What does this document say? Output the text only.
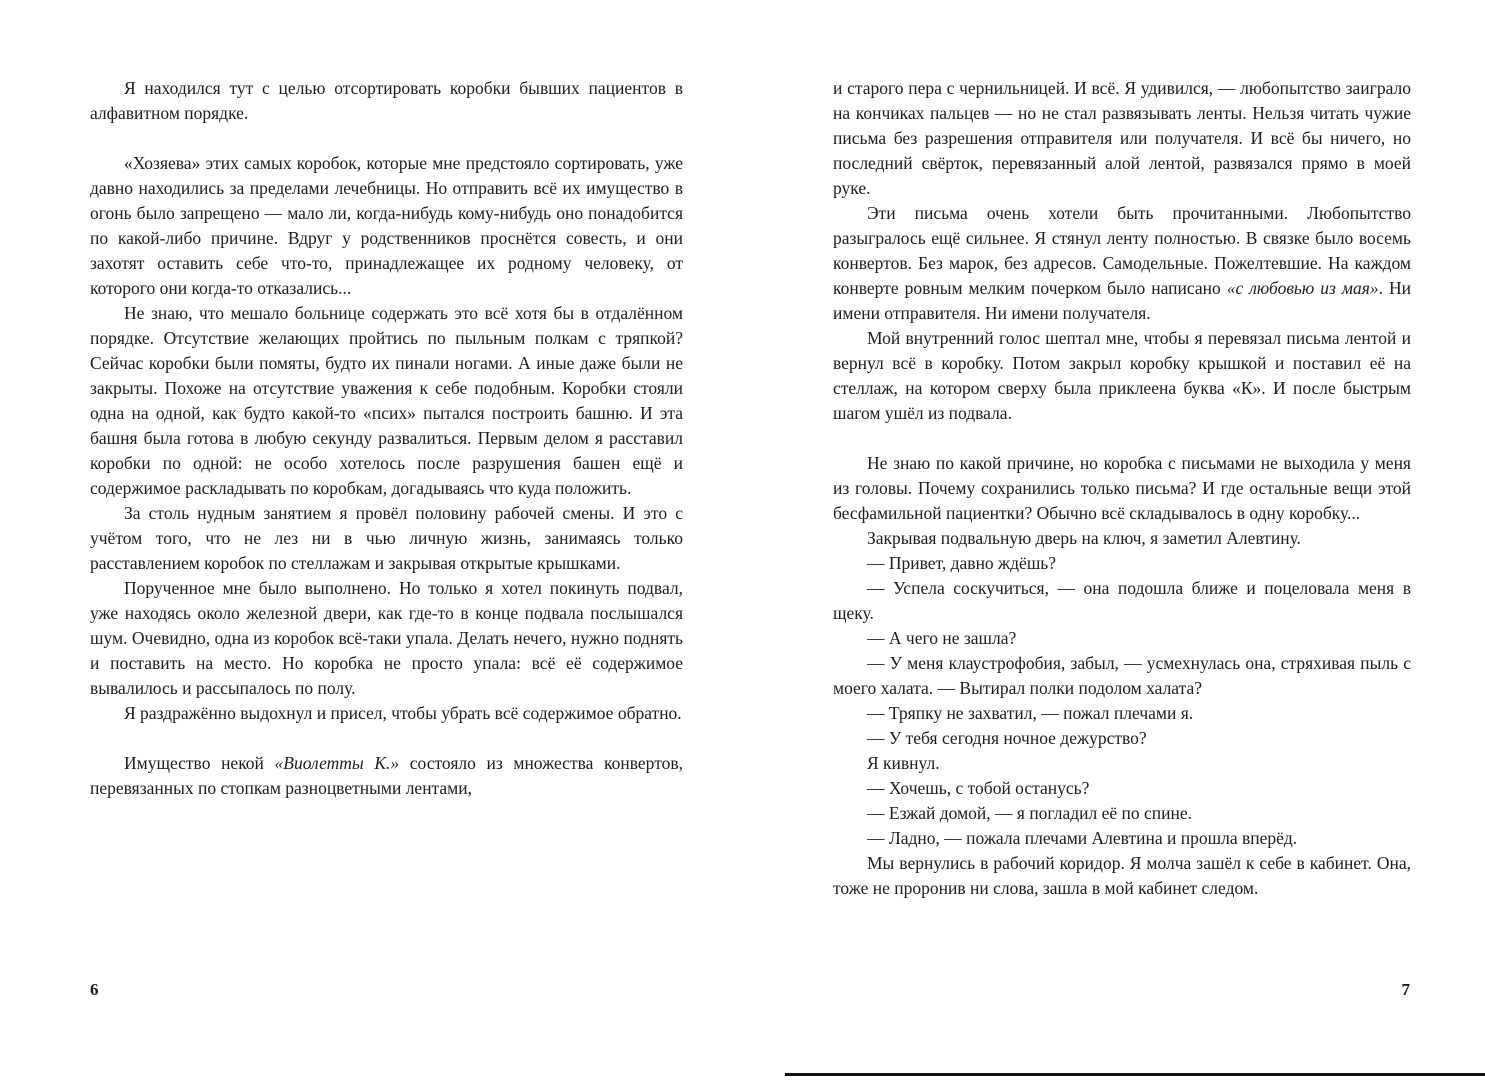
Я находился тут с целью отсортировать коробки бывших пациентов в алфавитном порядке.

«Хозяева» этих самых коробок, которые мне предстояло сортировать, уже давно находились за пределами лечебницы. Но отправить всё их имущество в огонь было запрещено — мало ли, когда-нибудь кому-нибудь оно понадобится по какой-либо причине. Вдруг у родственников проснётся совесть, и они захотят оставить себе что-то, принадлежащее их родному человеку, от которого они когда-то отказались...

Не знаю, что мешало больнице содержать это всё хотя бы в отдалённом порядке. Отсутствие желающих пройтись по пыльным полкам с тряпкой? Сейчас коробки были помяты, будто их пинали ногами. А иные даже были не закрыты. Похоже на отсутствие уважения к себе подобным. Коробки стояли одна на одной, как будто какой-то «псих» пытался построить башню. И эта башня была готова в любую секунду развалиться. Первым делом я расставил коробки по одной: не особо хотелось после разрушения башен ещё и содержимое раскладывать по коробкам, догадываясь что куда положить.

За столь нудным занятием я провёл половину рабочей смены. И это с учётом того, что не лез ни в чью личную жизнь, занимаясь только расставлением коробок по стеллажам и закрывая открытые крышками.

Порученное мне было выполнено. Но только я хотел покинуть подвал, уже находясь около железной двери, как где-то в конце подвала послышался шум. Очевидно, одна из коробок всё-таки упала. Делать нечего, нужно поднять и поставить на место. Но коробка не просто упала: всё её содержимое вывалилось и рассыпалось по полу.

Я раздражённо выдохнул и присел, чтобы убрать всё содержимое обратно.

Имущество некой «Виолетты К.» состояло из множества конвертов, перевязанных по стопкам разноцветными лентами,

6

и старого пера с чернильницей. И всё. Я удивился, — любопытство заиграло на кончиках пальцев — но не стал развязывать ленты. Нельзя читать чужие письма без разрешения отправителя или получателя. И всё бы ничего, но последний свёрток, перевязанный алой лентой, развязался прямо в моей руке.

Эти письма очень хотели быть прочитанными. Любопытство разыгралось ещё сильнее. Я стянул ленту полностью. В связке было восемь конвертов. Без марок, без адресов. Самодельные. Пожелтевшие. На каждом конверте ровным мелким почерком было написано «с любовью из мая». Ни имени отправителя. Ни имени получателя.

Мой внутренний голос шептал мне, чтобы я перевязал письма лентой и вернул всё в коробку. Потом закрыл коробку крышкой и поставил её на стеллаж, на котором сверху была приклеена буква «К». И после быстрым шагом ушёл из подвала.

Не знаю по какой причине, но коробка с письмами не выходила у меня из головы. Почему сохранились только письма? И где остальные вещи этой бесфамильной пациентки? Обычно всё складывалось в одну коробку...

Закрывая подвальную дверь на ключ, я заметил Алевтину.

— Привет, давно ждёшь?

— Успела соскучиться, — она подошла ближе и поцеловала меня в щеку.

— А чего не зашла?

— У меня клаустрофобия, забыл, — усмехнулась она, стряхивая пыль с моего халата. — Вытирал полки подолом халата?

— Тряпку не захватил, — пожал плечами я.

— У тебя сегодня ночное дежурство?

Я кивнул.

— Хочешь, с тобой останусь?

— Езжай домой, — я погладил её по спине.

— Ладно, — пожала плечами Алевтина и прошла вперёд.

Мы вернулись в рабочий коридор. Я молча зашёл к себе в кабинет. Она, тоже не проронив ни слова, зашла в мой кабинет следом.

7
